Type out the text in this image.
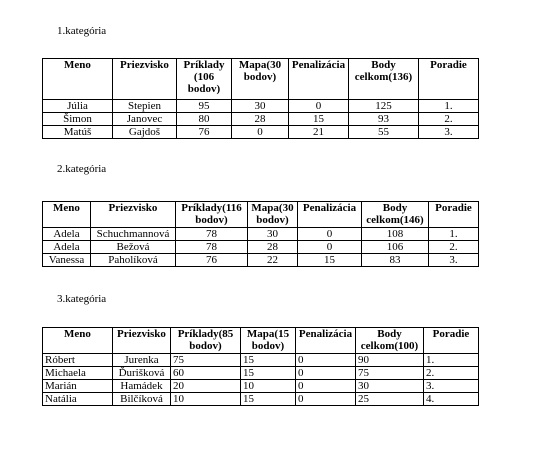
1.kategória
Meno	Priezvisko	Príklady (106 bodov)	Mapa(30 bodov)	Penalizácia	Body celkom(136)	Poradie
Júlia	Stepien	95	30	0	125	1.
Šimon	Janovec	80	28	15	93	2.
Matúš	Gajdoš	76	0	21	55	3.
2.kategória
Meno	Priezvisko	Príklady(116 bodov)	Mapa(30 bodov)	Penalizácia	Body celkom(146)	Poradie
Adela	Schuchmannová	78	30	0	108	1.
Adela	Bežová	78	28	0	106	2.
Vanessa	Paholíková	76	22	15	83	3.
3.kategória
Meno	Priezvisko	Príklady(85 bodov)	Mapa(15 bodov)	Penalizácia	Body celkom(100)	Poradie
Róbert	Jurenka	75	15	0	90	1.
Michaela	Ďurišková	60	15	0	75	2.
Marián	Hamádek	20	10	0	30	3.
Natália	Bilčíková	10	15	0	25	4.
